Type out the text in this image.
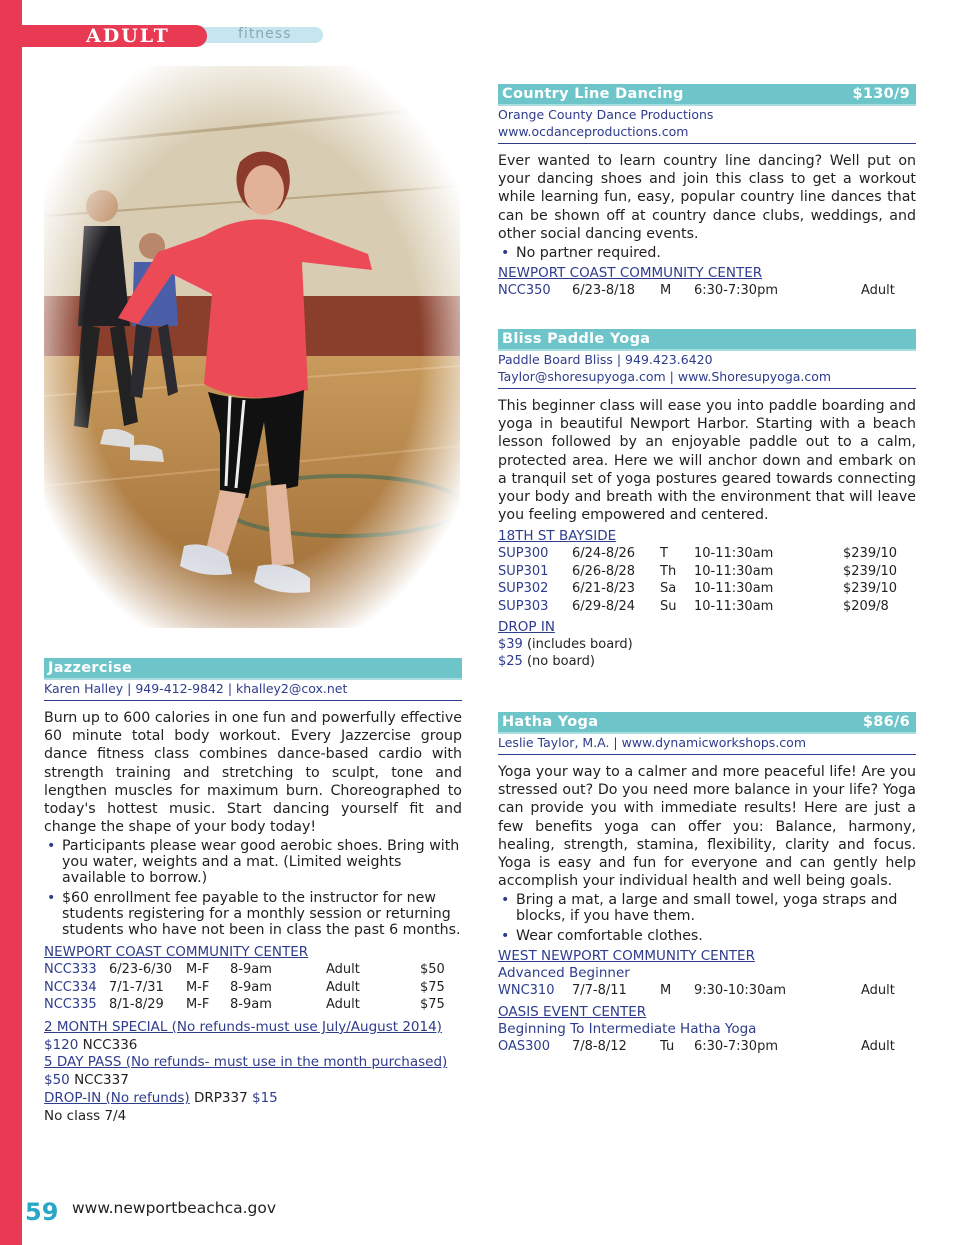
ADULT	fitness
Jazzercise
Karen Halley | 949-412-9842 | khalley2@cox.net
Burn up to 600 calories in one fun and powerfully effective 60 minute total body workout. Every Jazzercise group dance fitness class combines dance-based cardio with strength training and stretching to sculpt, tone and lengthen muscles for maximum burn. Choreographed to today's hottest music. Start dancing yourself fit and change the shape of your body today!
• Participants please wear good aerobic shoes. Bring with you water, weights and a mat. (Limited weights available to borrow.)
• $60 enrollment fee payable to the instructor for new students registering for a monthly session or returning students who have not been in class the past 6 months.
NEWPORT COAST COMMUNITY CENTER
NCC333 6/23-6/30	M-F	8-9am	Adult	$50
NCC334 7/1-7/31	M-F	8-9am	Adult	$75
NCC335 8/1-8/29	M-F	8-9am	Adult	$75
2 MONTH SPECIAL (No refunds-must use July/August 2014)
$120 NCC336
5 DAY PASS (No refunds- must use in the month purchased)
$50 NCC337
DROP-IN (No refunds) DRP337 $15
No class 7/4
Country Line Dancing	$130/9
Orange County Dance Productions
www.ocdanceproductions.com
Ever wanted to learn country line dancing? Well put on your dancing shoes and join this class to get a workout while learning fun, easy, popular country line dances that can be shown off at country dance clubs, weddings, and other social dancing events.
• No partner required.
NEWPORT COAST COMMUNITY CENTER
NCC350	6/23-8/18	M	6:30-7:30pm	Adult
Bliss Paddle Yoga
Paddle Board Bliss | 949.423.6420
Taylor@shoresupyoga.com | www.Shoresupyoga.com
This beginner class will ease you into paddle boarding and yoga in beautiful Newport Harbor. Starting with a beach lesson followed by an enjoyable paddle out to a calm, protected area. Here we will anchor down and embark on a tranquil set of yoga postures geared towards connecting your body and breath with the environment that will leave you feeling empowered and centered.
18TH ST BAYSIDE
SUP300	6/24-8/26	T	10-11:30am	$239/10
SUP301	6/26-8/28	Th	10-11:30am	$239/10
SUP302	6/21-8/23	Sa	10-11:30am	$239/10
SUP303	6/29-8/24	Su	10-11:30am	$209/8
DROP IN
$39 (includes board)
$25 (no board)
Hatha Yoga	$86/6
Leslie Taylor, M.A. | www.dynamicworkshops.com
Yoga your way to a calmer and more peaceful life! Are you stressed out? Do you need more balance in your life? Yoga can provide you with immediate results! Here are just a few benefits yoga can offer you: Balance, harmony, healing, strength, stamina, flexibility, clarity and focus. Yoga is easy and fun for everyone and can gently help accomplish your individual health and well being goals.
• Bring a mat, a large and small towel, yoga straps and blocks, if you have them.
• Wear comfortable clothes.
WEST NEWPORT COMMUNITY CENTER
Advanced Beginner
WNC310	7/7-8/11	M	9:30-10:30am	Adult
OASIS EVENT CENTER
Beginning To Intermediate Hatha Yoga
OAS300	7/8-8/12	Tu	6:30-7:30pm	Adult
59 www.newportbeachca.gov
